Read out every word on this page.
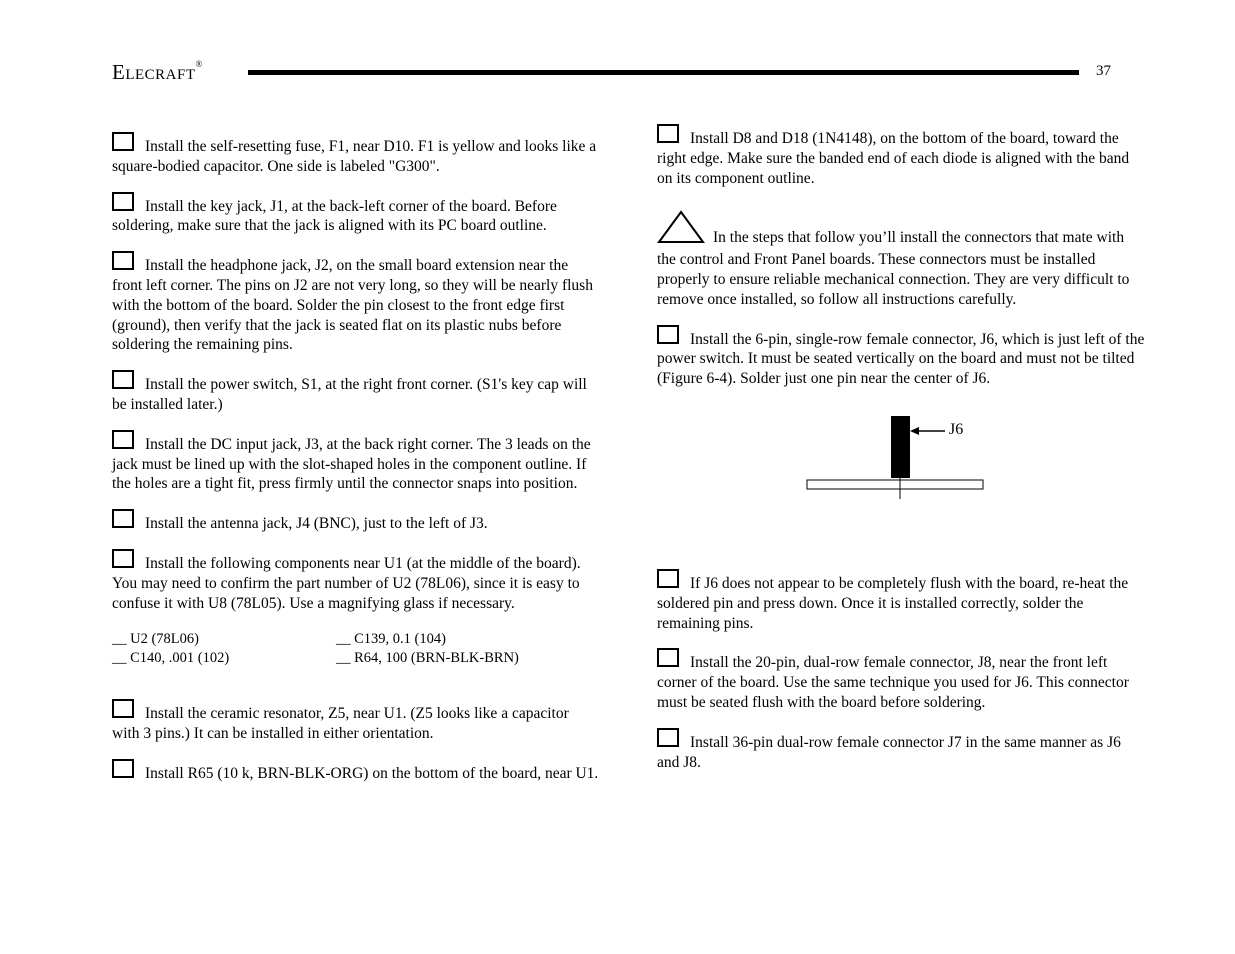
ELECRAFT®	37

Install the self-resetting fuse, F1, near D10. F1 is yellow and looks like a square-bodied capacitor. One side is labeled "G300".

Install the key jack, J1, at the back-left corner of the board. Before soldering, make sure that the jack is aligned with its PC board outline.

Install the headphone jack, J2, on the small board extension near the front left corner. The pins on J2 are not very long, so they will be nearly flush with the bottom of the board. Solder the pin closest to the front edge first (ground), then verify that the jack is seated flat on its plastic nubs before soldering the remaining pins.

Install the power switch, S1, at the right front corner. (S1's key cap will be installed later.)

Install the DC input jack, J3, at the back right corner. The 3 leads on the jack must be lined up with the slot-shaped holes in the component outline. If the holes are a tight fit, press firmly until the connector snaps into position.

Install the antenna jack, J4 (BNC), just to the left of J3.

Install the following components near U1 (at the middle of the board). You may need to confirm the part number of U2 (78L06), since it is easy to confuse it with U8 (78L05). Use a magnifying glass if necessary.

__ U2 (78L06)	__ C139, 0.1 (104)
__ C140, .001 (102)	__ R64, 100 (BRN-BLK-BRN)

Install the ceramic resonator, Z5, near U1. (Z5 looks like a capacitor with 3 pins.) It can be installed in either orientation.

Install R65 (10 k, BRN-BLK-ORG) on the bottom of the board, near U1.

Install D8 and D18 (1N4148), on the bottom of the board, toward the right edge. Make sure the banded end of each diode is aligned with the band on its component outline.

In the steps that follow you’ll install the connectors that mate with the control and Front Panel boards. These connectors must be installed properly to ensure reliable mechanical connection. They are very difficult to remove once installed, so follow all instructions carefully.

Install the 6-pin, single-row female connector, J6, which is just left of the power switch. It must be seated vertically on the board and must not be tilted (Figure 6-4). Solder just one pin near the center of J6.

J6

If J6 does not appear to be completely flush with the board, re-heat the soldered pin and press down. Once it is installed correctly, solder the remaining pins.

Install the 20-pin, dual-row female connector, J8, near the front left corner of the board. Use the same technique you used for J6. This connector must be seated flush with the board before soldering.

Install 36-pin dual-row female connector J7 in the same manner as J6 and J8.
